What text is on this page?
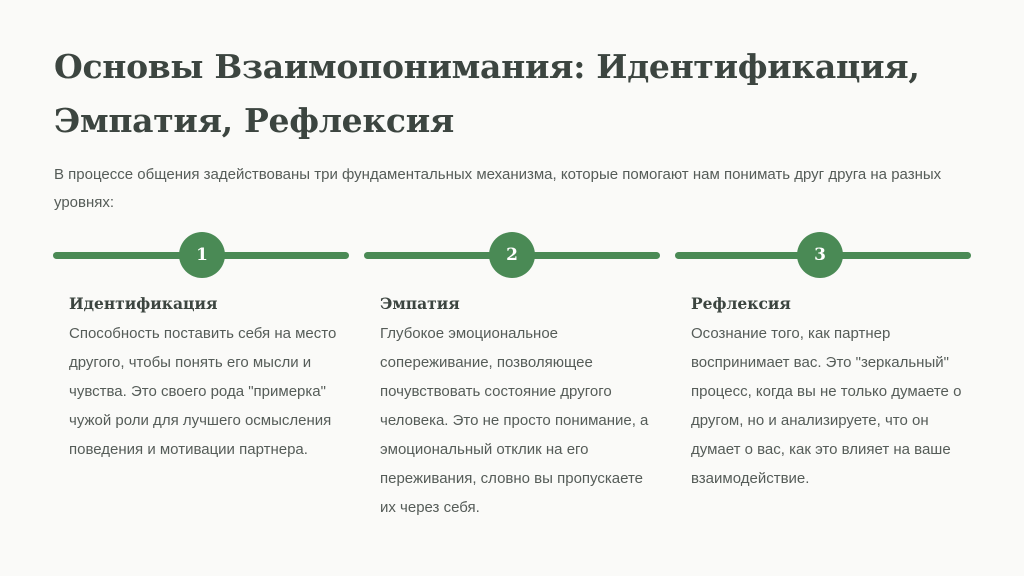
Основы Взаимопонимания: Идентификация, Эмпатия, Рефлексия

В процессе общения задействованы три фундаментальных механизма, которые помогают нам понимать друг друга на разных уровнях:

1
Идентификация

Способность поставить себя на место другого, чтобы понять его мысли и чувства. Это своего рода "примерка" чужой роли для лучшего осмысления поведения и мотивации партнера.

2
Эмпатия

Глубокое эмоциональное сопереживание, позволяющее почувствовать состояние другого человека. Это не просто понимание, а эмоциональный отклик на его переживания, словно вы пропускаете их через себя.

3
Рефлексия

Осознание того, как партнер воспринимает вас. Это "зеркальный" процесс, когда вы не только думаете о другом, но и анализируете, что он думает о вас, как это влияет на ваше взаимодействие.
